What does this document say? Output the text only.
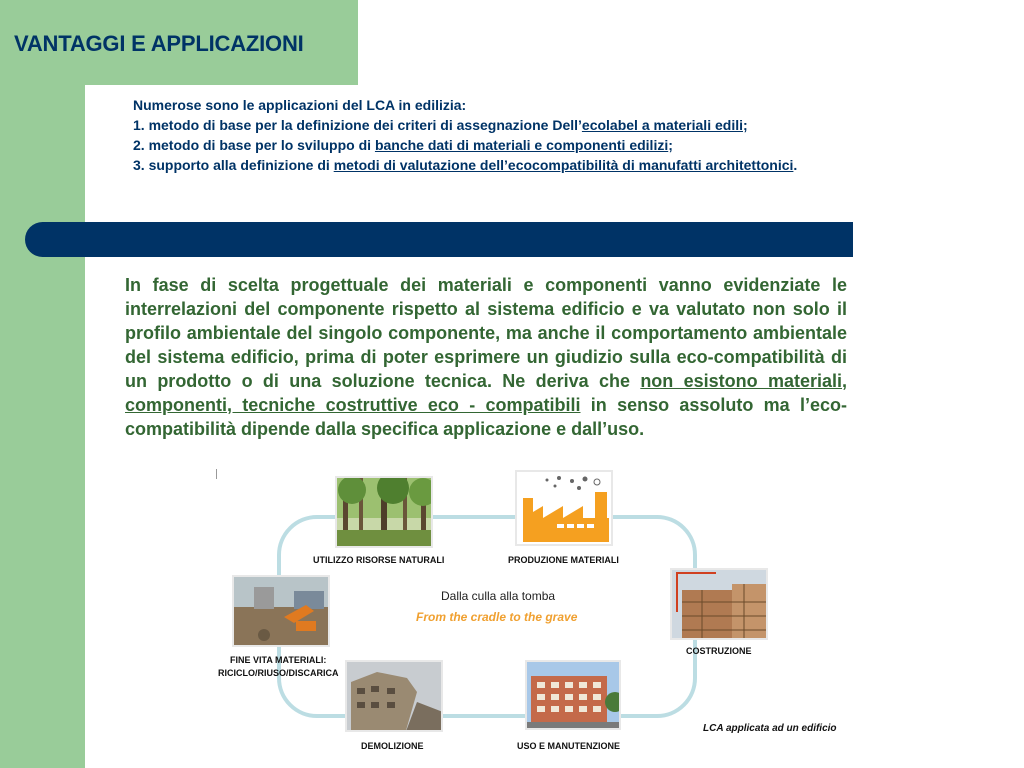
VANTAGGI E APPLICAZIONI

Numerose sono le applicazioni del LCA in edilizia:

1. metodo di base per la definizione dei criteri di assegnazione Dell’ecolabel a materiali edili;

2. metodo di base per lo sviluppo di banche dati di materiali e componenti edilizi;

3. supporto alla definizione di metodi di valutazione dell’ecocompatibilità di manufatti architettonici.

In fase di scelta progettuale dei materiali e componenti vanno evidenziate le interrelazioni del componente rispetto al sistema edificio e va valutato non solo il profilo ambientale del singolo componente, ma anche il comportamento ambientale del sistema edificio, prima di poter esprimere un giudizio sulla eco-compatibilità di un prodotto o di una soluzione tecnica. Ne deriva che non esistono materiali, componenti, tecniche costruttive eco - compatibili in senso assoluto ma l’eco-compatibilità dipende dalla specifica applicazione e dall’uso.

UTILIZZO RISORSE NATURALI	PRODUZIONE MATERIALI
COSTRUZIONE
USO E MANUTENZIONE
DEMOLIZIONE
FINE VITA MATERIALI:
RICICLO/RIUSO/DISCARICA
Dalla culla alla tomba
From the cradle to the grave
LCA applicata ad un edificio
